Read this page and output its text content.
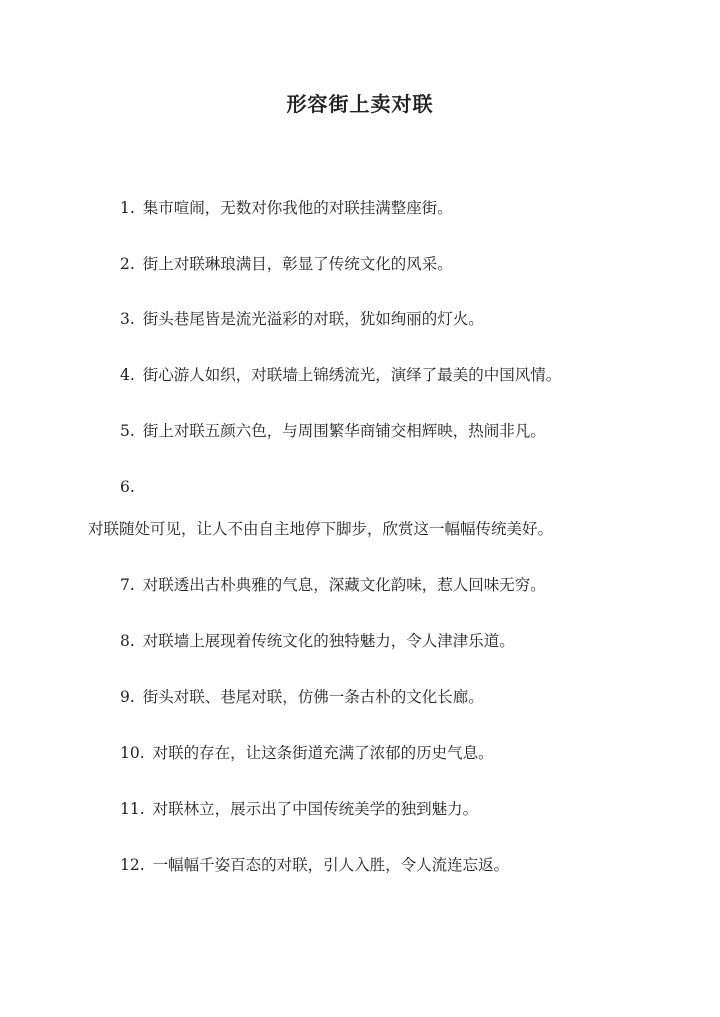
形容街上卖对联
1. 集市喧闹，无数对你我他的对联挂满整座街。
2. 街上对联琳琅满目，彰显了传统文化的风采。
3. 街头巷尾皆是流光溢彩的对联，犹如绚丽的灯火。
4. 街心游人如织，对联墙上锦绣流光，演绎了最美的中国风情。
5. 街上对联五颜六色，与周围繁华商铺交相辉映，热闹非凡。
6.
对联随处可见，让人不由自主地停下脚步，欣赏这一幅幅传统美好。
7. 对联透出古朴典雅的气息，深藏文化韵味，惹人回味无穷。
8. 对联墙上展现着传统文化的独特魅力，令人津津乐道。
9. 街头对联、巷尾对联，仿佛一条古朴的文化长廊。
10. 对联的存在，让这条街道充满了浓郁的历史气息。
11. 对联林立，展示出了中国传统美学的独到魅力。
12. 一幅幅千姿百态的对联，引人入胜，令人流连忘返。
